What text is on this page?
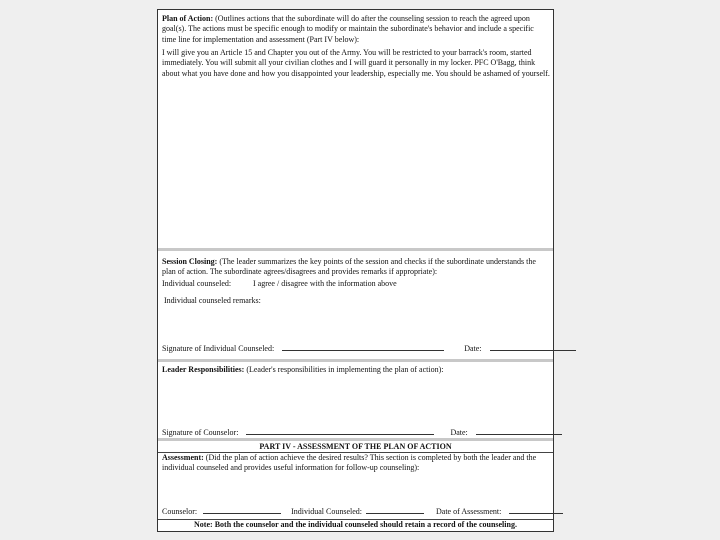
Plan of Action: (Outlines actions that the subordinate will do after the counseling session to reach the agreed upon goal(s). The actions must be specific enough to modify or maintain the subordinate's behavior and include a specific time line for implementation and assessment (Part IV below):
I will give you an Article 15 and Chapter you out of the Army. You will be restricted to your barrack's room, started immediately. You will submit all your civilian clothes and I will guard it personally in my locker. PFC O'Bagg, think about what you have done and how you disappointed your leadership, especially me. You should be ashamed of yourself.
Session Closing: (The leader summarizes the key points of the session and checks if the subordinate understands the plan of action. The subordinate agrees/disagrees and provides remarks if appropriate):
Individual counseled:	I agree / disagree with the information above
Individual counseled remarks:
Signature of Individual Counseled:	Date:
Leader Responsibilities: (Leader's responsibilities in implementing the plan of action):
Signature of Counselor:	Date:
PART IV - ASSESSMENT OF THE PLAN OF ACTION
Assessment: (Did the plan of action achieve the desired results? This section is completed by both the leader and the individual counseled and provides useful information for follow-up counseling):
Counselor:	Individual Counseled:	Date of Assessment:
Note: Both the counselor and the individual counseled should retain a record of the counseling.
